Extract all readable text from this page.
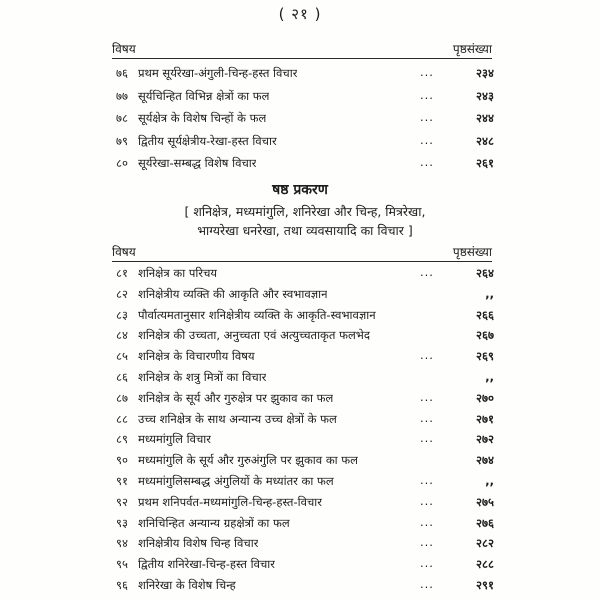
( २१ )
विषय	पृष्ठसंख्या
७६ प्रथम सूर्यरेखा-अंगुली-चिन्ह-हस्त विचार	...	२३४
७७ सूर्यचिन्हित विभिन्न क्षेत्रों का फल	...	२४३
७८ सूर्यक्षेत्र के विशेष चिन्हों के फल	...	२४४
७९ द्वितीय सूर्यक्षेत्रीय-रेखा-हस्त विचार	...	२४८
८० सूर्यरेखा-सम्बद्ध विशेष विचार	...	२६१
षष्ठ प्रकरण
[ शनिक्षेत्र, मध्यमांगुलि, शनिरेखा और चिन्ह, मित्ररेखा,
भाग्यरेखा धनरेखा, तथा व्यवसायादि का विचार ]
विषय	पृष्ठसंख्या
८१ शनिक्षेत्र का परिचय	...	२६४
८२ शनिक्षेत्रीय व्यक्ति की आकृति और स्वभावज्ञान	,,
८३ पौर्वात्यमतानुसार शनिक्षेत्रीय व्यक्ति के आकृति-स्वभावज्ञान	२६६
८४ शनिक्षेत्र की उच्चता, अनुच्चता एवं अत्युच्चताकृत फलभेद	२६७
८५ शनिक्षेत्र के विचारणीय विषय	...	२६९
८६ शनिक्षेत्र के शत्रु मित्रों का विचार	,,
८७ शनिक्षेत्र के सूर्य और गुरुक्षेत्र पर झुकाव का फल	...	२७०
८८ उच्च शनिक्षेत्र के साथ अन्यान्य उच्च क्षेत्रों के फल	...	२७१
८९ मध्यमांगुलि विचार	...	२७२
९० मध्यमांगुलि के सूर्य और गुरुअंगुलि पर झुकाव का फल	२७४
९१ मध्यमांगुलिसम्बद्ध अंगुलियों के मध्यांतर का फल	...	,,
९२ प्रथम शनिपर्वत-मध्यमांगुलि-चिन्ह-हस्त-विचार	...	२७५
९३ शनिचिन्हित अन्यान्य ग्रहक्षेत्रों का फल	...	२७६
९४ शनिक्षेत्रीय विशेष चिन्ह विचार	...	२८२
९५ द्वितीय शनिरेखा-चिन्ह-हस्त विचार	...	२८८
९६ शनिरेखा के विशेष चिन्ह	...	२९१
